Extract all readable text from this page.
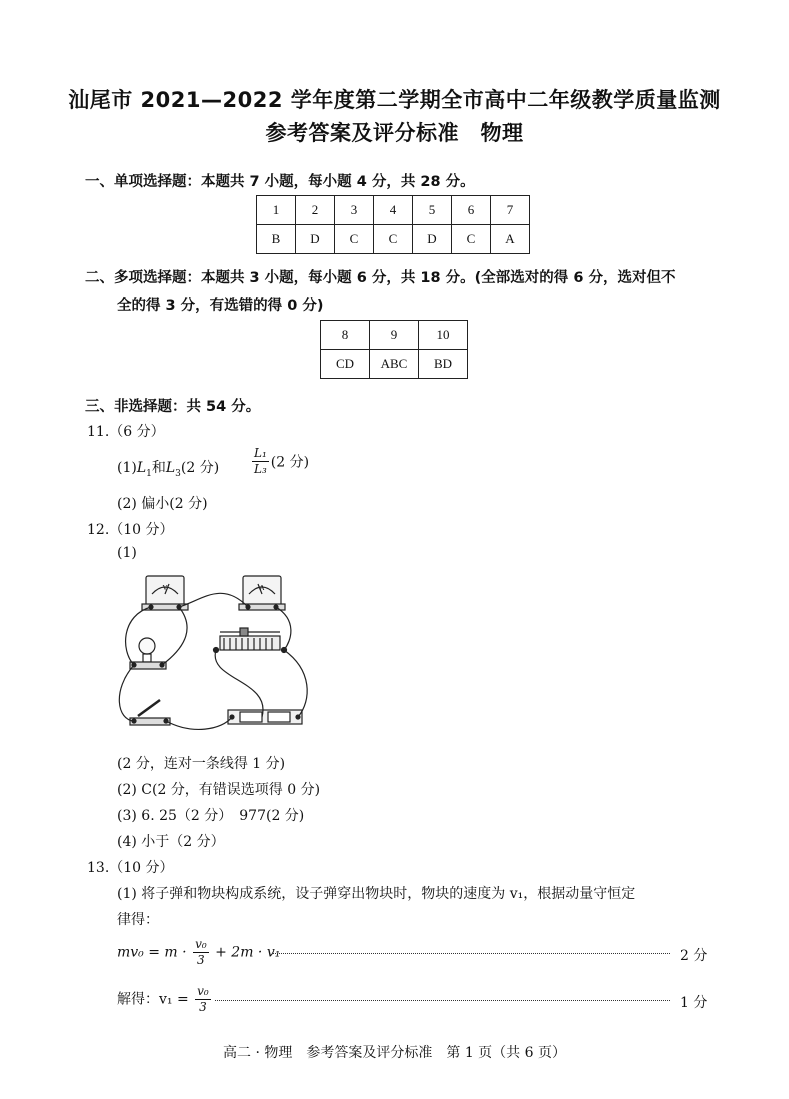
汕尾市 2021—2022 学年度第二学期全市高中二年级教学质量监测
参考答案及评分标准　物理
一、单项选择题：本题共 7 小题，每小题 4 分，共 28 分。
1	2	3	4	5	6	7
B	D	C	C	D	C	A
二、多项选择题：本题共 3 小题，每小题 6 分，共 18 分。(全部选对的得 6 分，选对但不
全的得 3 分，有选错的得 0 分)
8	9	10
CD	ABC	BD
三、非选择题：共 54 分。
11.（6 分）
$(1)L_1$和$L_3(2$ 分)	$\frac{\text{L₁}}{\text{L₃}} (2$ 分)
(2) 偏小(2 分)
12.（10 分）
(1)
V	A
(2 分，连对一条线得 1 分)
(2) C(2 分，有错误选项得 0 分)
(3) 6. 25（2 分）　977(2 分)
(4) 小于（2 分）
13.（10 分）
(1) 将子弹和物块构成系统，设子弹穿出物块时，物块的速度为 v₁，根据动量守恒定
律得：
$mv_0 = m \cdot \frac{\text{v₀}}{3} + 2m \cdot v_1$	2 分
解得：$v_1 = \frac{\text{v₀}}{3}$	1 分
高二 · 物理　参考答案及评分标准　第 1 页（共 6 页）
